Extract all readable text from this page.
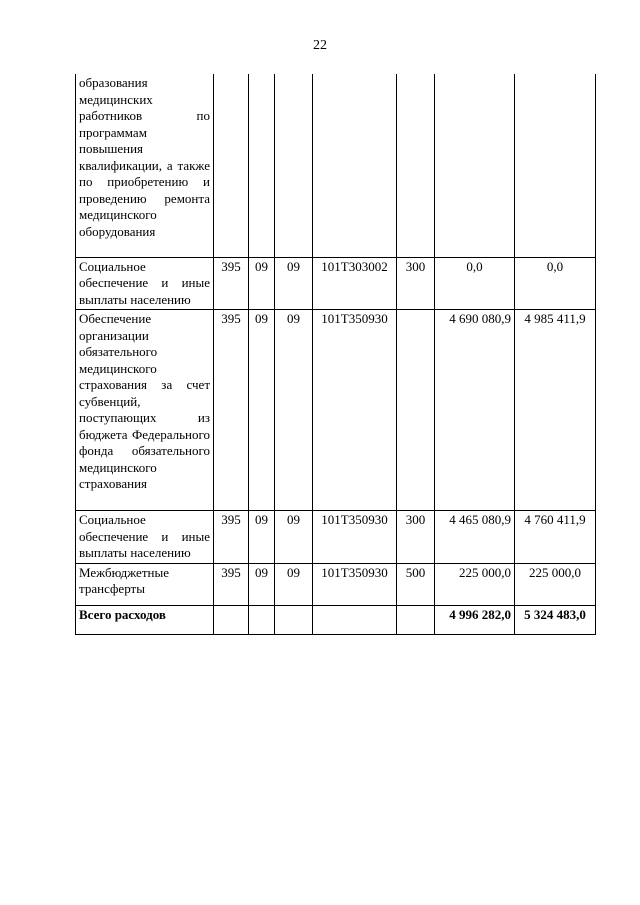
22
образования медицинских работников по программам повышения квалификации, а также по приобретению и проведению ремонта медицинского оборудования							
Социальное обеспечение и иные выплаты населению	395	09	09	101Т303002	300	0,0	0,0
Обеспечение организации обязательного медицинского страхования за счет субвенций, поступающих из бюджета Федерального фонда обязательного медицинского страхования	395	09	09	101Т350930		4 690 080,9	4 985 411,9
Социальное обеспечение и иные выплаты населению	395	09	09	101Т350930	300	4 465 080,9	4 760 411,9
Межбюджетные трансферты	395	09	09	101Т350930	500	225 000,0	225 000,0
Всего расходов						4 996 282,0	5 324 483,0
